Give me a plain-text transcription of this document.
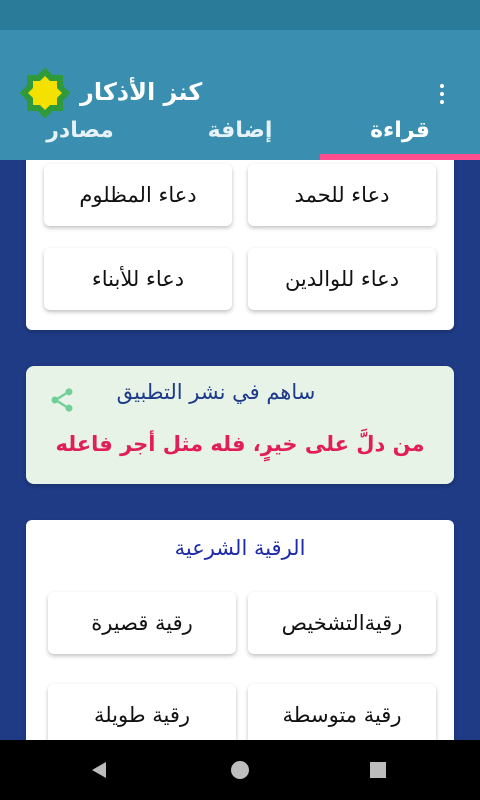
كنز الأذكار
مصادر	إضافة	قراءة
دعاء للحمد
دعاء المظلوم
دعاء للوالدين
دعاء للأبناء
ساهم في نشر التطبيق
من دلَّ على خيرٍ، فله مثل أجر فاعله
الرقية الشرعية
رقيةالتشخيص
رقية قصيرة
رقية متوسطة
رقية طويلة
